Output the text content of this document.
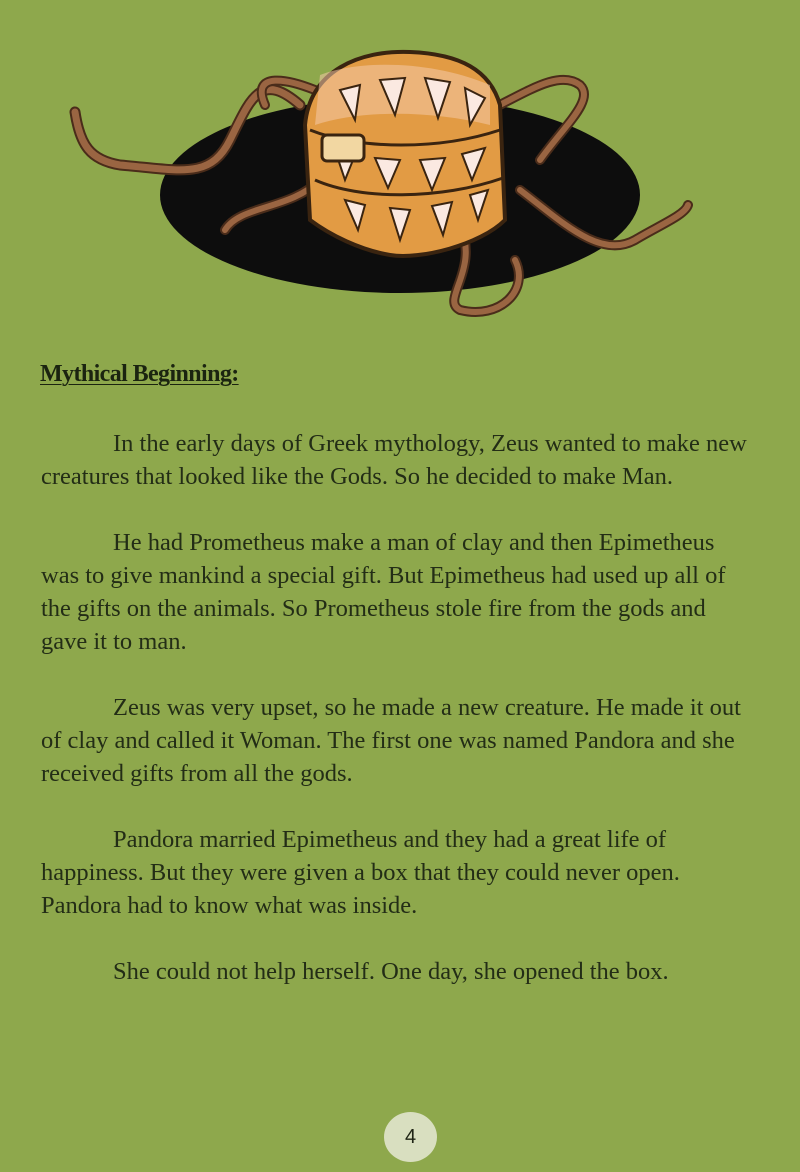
Mythical Beginning:

In the early days of Greek mythology, Zeus wanted to make new creatures that looked like the Gods. So he decided to make Man.

He had Prometheus make a man of clay and then Epimetheus was to give mankind a special gift. But Epimetheus had used up all of the gifts on the animals. So Prometheus stole fire from the gods and gave it to man.

Zeus was very upset, so he made a new creature. He made it out of clay and called it Woman. The first one was named Pandora and she received gifts from all the gods.

Pandora married Epimetheus and they had a great life of happiness. But they were given a box that they could never open. Pandora had to know what was inside.

She could not help herself. One day, she opened the box.

4
